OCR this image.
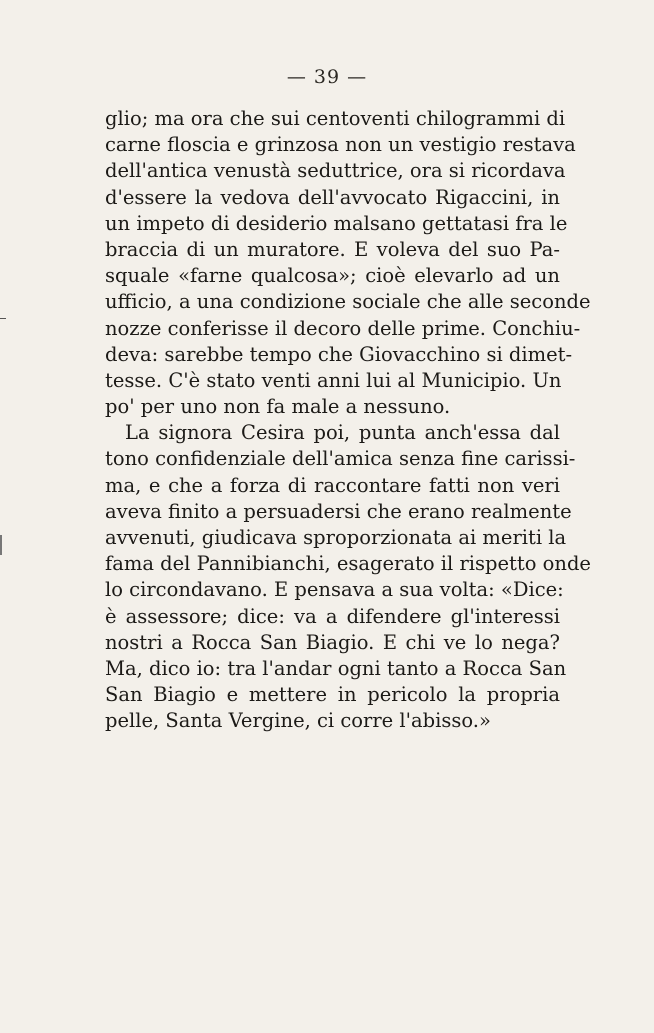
— 39 —
glio; ma ora che sui centoventi chilogrammi di
carne floscia e grinzosa non un vestigio restava
dell'antica venustà seduttrice, ora si ricordava
d'essere la vedova dell'avvocato Rigaccini, in
un impeto di desiderio malsano gettatasi fra le
braccia di un muratore. E voleva del suo Pa-
squale «farne qualcosa»; cioè elevarlo ad un
ufficio, a una condizione sociale che alle seconde
nozze conferisse il decoro delle prime. Conchiu-
deva: sarebbe tempo che Giovacchino si dimet-
tesse. C'è stato venti anni lui al Municipio. Un
po' per uno non fa male a nessuno.
La signora Cesira poi, punta anch'essa dal
tono confidenziale dell'amica senza fine carissi-
ma, e che a forza di raccontare fatti non veri
aveva finito a persuadersi che erano realmente
avvenuti, giudicava sproporzionata ai meriti la
fama del Pannibianchi, esagerato il rispetto onde
lo circondavano. E pensava a sua volta: «Dice:
è assessore; dice: va a difendere gl'interessi
nostri a Rocca San Biagio. E chi ve lo nega?
Ma, dico io: tra l'andar ogni tanto a Rocca San
San Biagio e mettere in pericolo la propria
pelle, Santa Vergine, ci corre l'abisso.»
